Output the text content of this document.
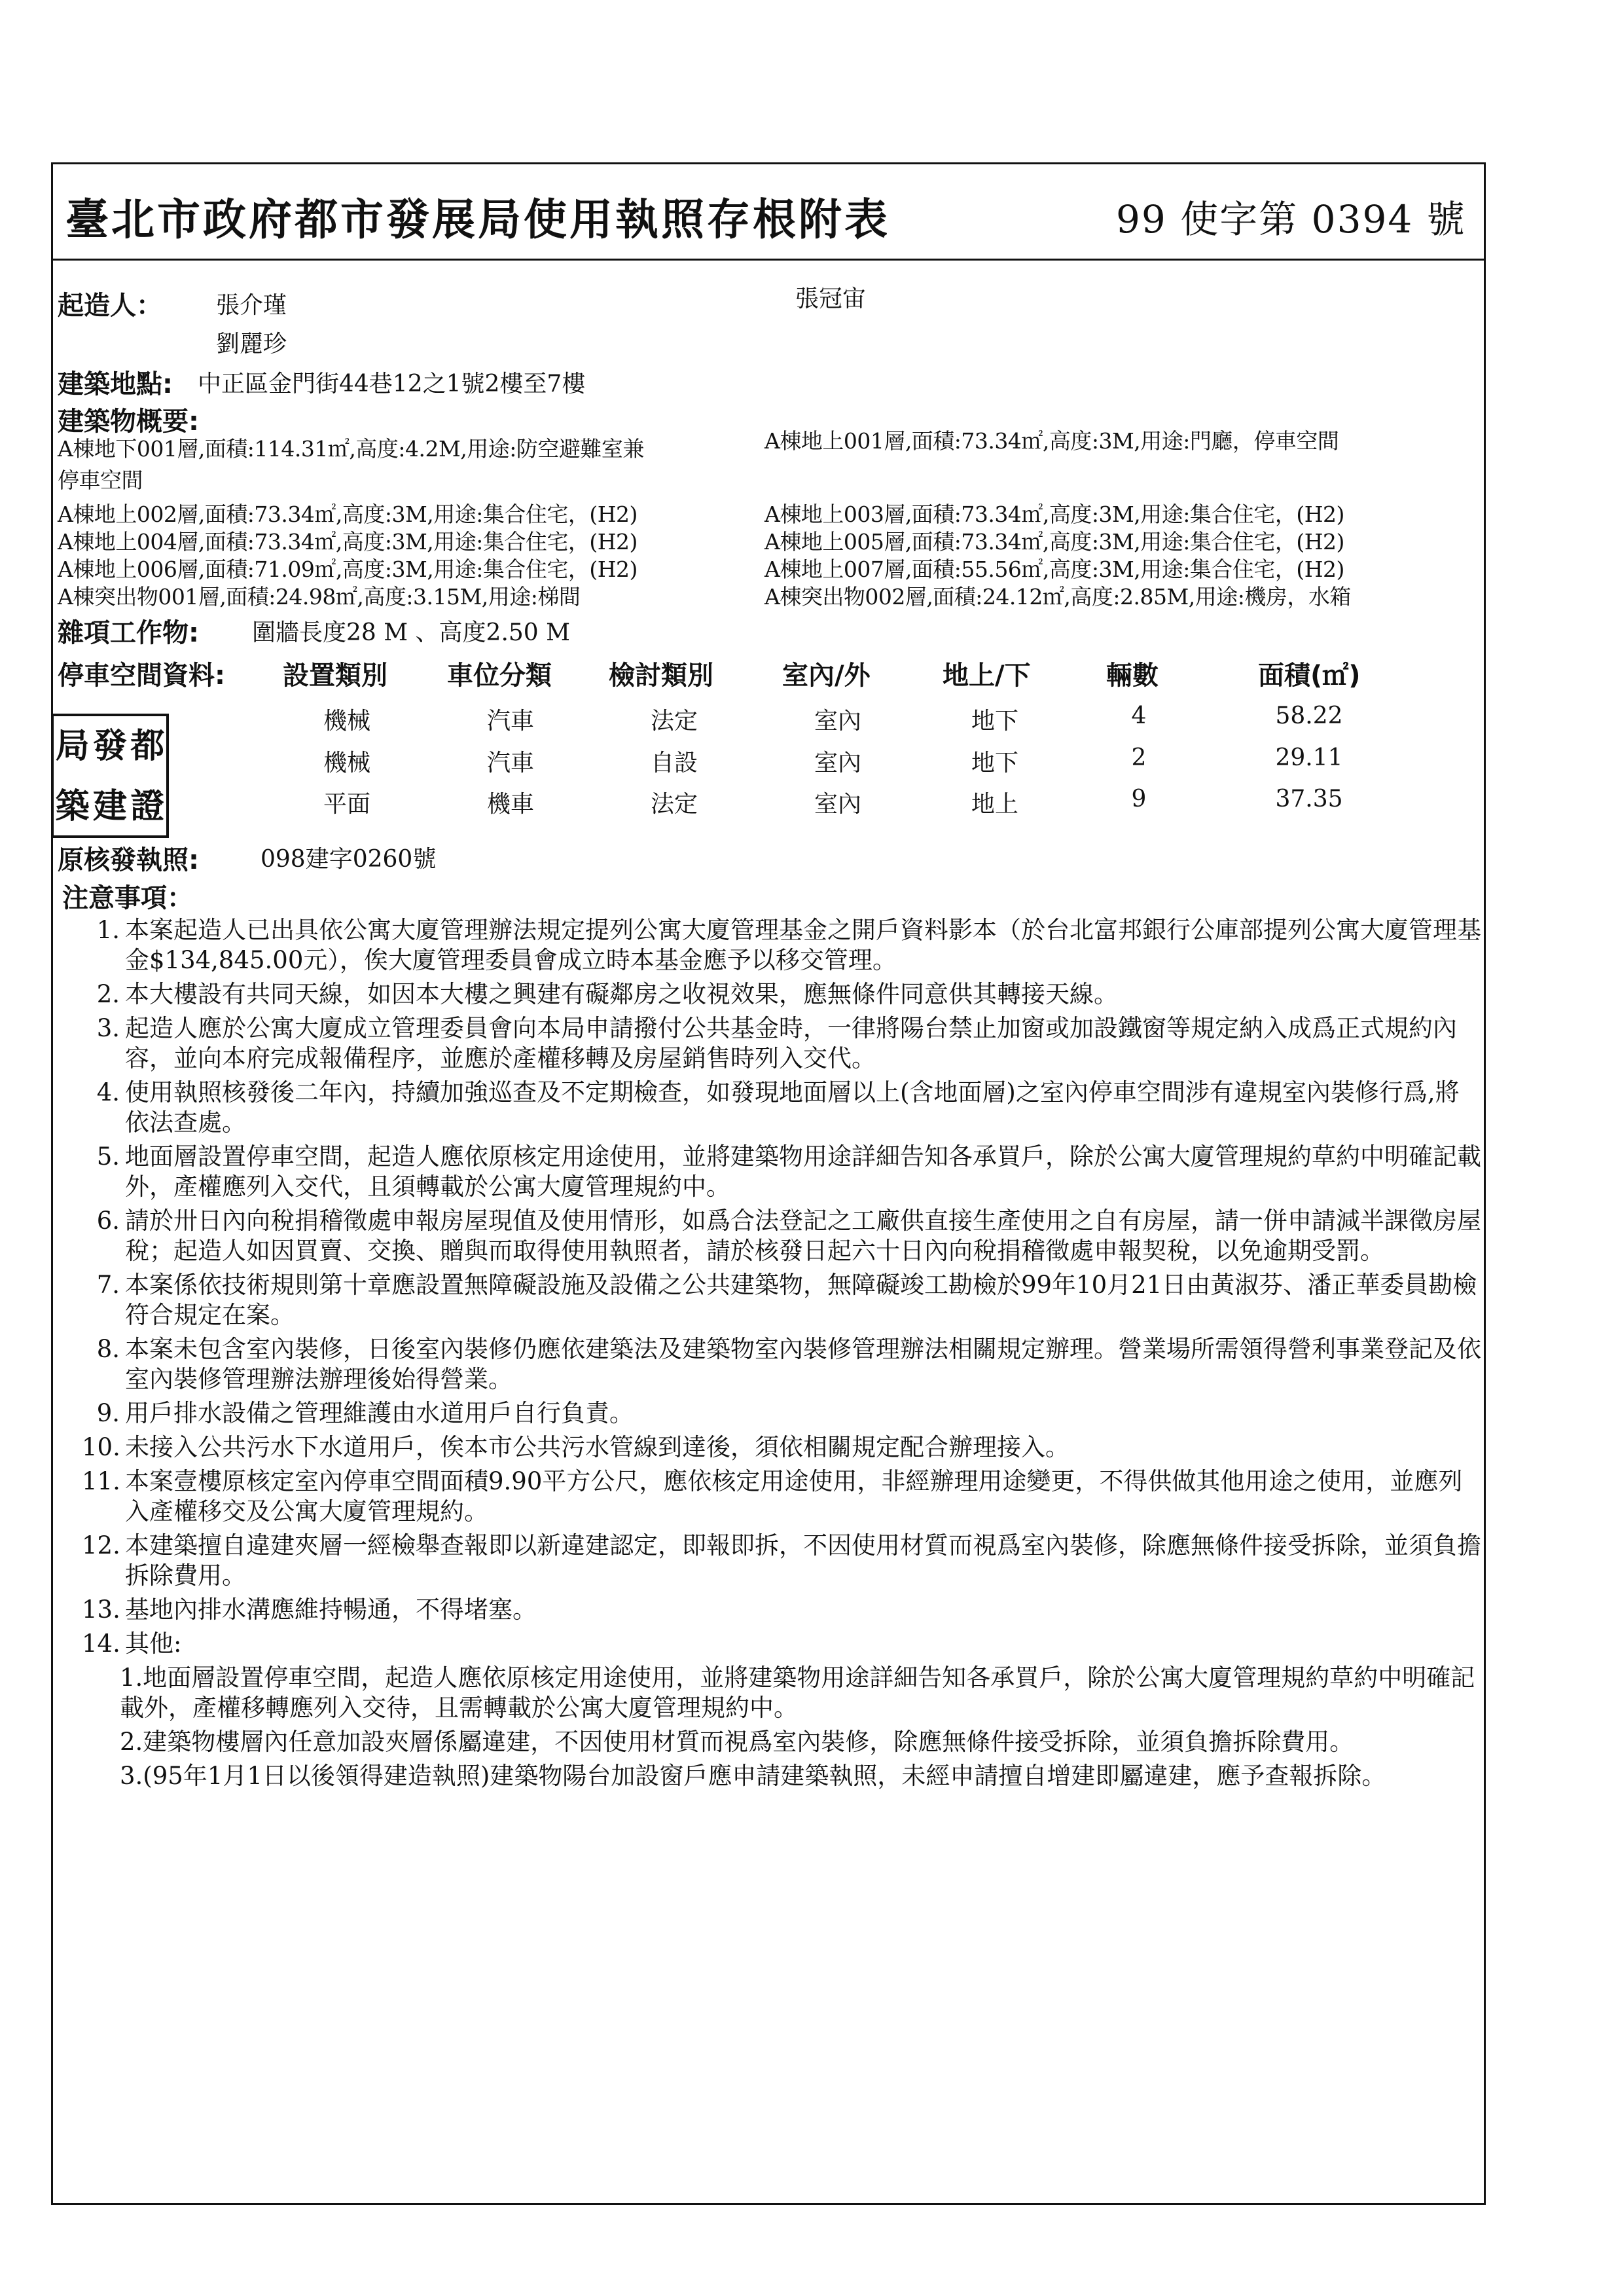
臺北市政府都市發展局使用執照存根附表	99 使字第 0394 號
起造人： 張介瑾
劉麗珍
張冠宙
建築地點: 中正區金門街44巷12之1號2樓至7樓
建築物概要:
A棟地下001層,面積:114.31㎡,高度:4.2M,用途:防空避難室兼
停車空間
A棟地上002層,面積:73.34㎡,高度:3M,用途:集合住宅，(H2)
A棟地上004層,面積:73.34㎡,高度:3M,用途:集合住宅，(H2)
A棟地上006層,面積:71.09㎡,高度:3M,用途:集合住宅，(H2)
A棟突出物001層,面積:24.98㎡,高度:3.15M,用途:梯間
A棟地上001層,面積:73.34㎡,高度:3M,用途:門廳，停車空間
A棟地上003層,面積:73.34㎡,高度:3M,用途:集合住宅，(H2)
A棟地上005層,面積:73.34㎡,高度:3M,用途:集合住宅，(H2)
A棟地上007層,面積:55.56㎡,高度:3M,用途:集合住宅，(H2)
A棟突出物002層,面積:24.12㎡,高度:2.85M,用途:機房，水箱
雜項工作物: 圍牆長度28 M 、高度2.50 M
停車空間資料: 設置類別 車位分類 檢討類別	室內/外	地上/下	輛數	面積(㎡)
機械	汽車	法定	室內	地下	4	58.22
機械	汽車	自設	室內	地下	2	29.11
平面	機車	法定	室內	地上	9	37.35
局 發 都
築 建 證
原核發執照:	098建字0260號
注意事項：
1. 本案起造人已出具依公寓大廈管理辦法規定提列公寓大廈管理基金之開戶資料影本（於台北富邦銀行公庫部提列公寓大廈管理基金$134,845.00元），俟大廈管理委員會成立時本基金應予以移交管理。
2. 本大樓設有共同天線，如因本大樓之興建有礙鄰房之收視效果，應無條件同意供其轉接天線。
3. 起造人應於公寓大廈成立管理委員會向本局申請撥付公共基金時，一律將陽台禁止加窗或加設鐵窗等規定納入成爲正式規約內容，並向本府完成報備程序，並應於產權移轉及房屋銷售時列入交代。
4. 使用執照核發後二年內，持續加強巡查及不定期檢查，如發現地面層以上(含地面層)之室內停車空間涉有違規室內裝修行爲,將依法查處。
5. 地面層設置停車空間，起造人應依原核定用途使用，並將建築物用途詳細告知各承買戶，除於公寓大廈管理規約草約中明確記載外，產權應列入交代，且須轉載於公寓大廈管理規約中。
6. 請於卅日內向稅捐稽徵處申報房屋現值及使用情形，如爲合法登記之工廠供直接生產使用之自有房屋，請一併申請減半課徵房屋稅；起造人如因買賣、交換、贈與而取得使用執照者，請於核發日起六十日內向稅捐稽徵處申報契稅，以免逾期受罰。
7. 本案係依技術規則第十章應設置無障礙設施及設備之公共建築物，無障礙竣工勘檢於99年10月21日由黃淑芬、潘正華委員勘檢符合規定在案。
8. 本案未包含室內裝修，日後室內裝修仍應依建築法及建築物室內裝修管理辦法相關規定辦理。營業場所需領得營利事業登記及依室內裝修管理辦法辦理後始得營業。
9. 用戶排水設備之管理維護由水道用戶自行負責。
10. 未接入公共污水下水道用戶，俟本市公共污水管線到達後，須依相關規定配合辦理接入。
11. 本案壹樓原核定室內停車空間面積9.90平方公尺，應依核定用途使用，非經辦理用途變更，不得供做其他用途之使用，並應列入產權移交及公寓大廈管理規約。
12. 本建築擅自違建夾層一經檢舉查報即以新違建認定，即報即拆，不因使用材質而視爲室內裝修，除應無條件接受拆除，並須負擔拆除費用。
13. 基地內排水溝應維持暢通，不得堵塞。
14. 其他:
1.地面層設置停車空間，起造人應依原核定用途使用，並將建築物用途詳細告知各承買戶，除於公寓大廈管理規約草約中明確記載外，產權移轉應列入交待，且需轉載於公寓大廈管理規約中。
2.建築物樓層內任意加設夾層係屬違建，不因使用材質而視爲室內裝修，除應無條件接受拆除，並須負擔拆除費用。
3.(95年1月1日以後領得建造執照)建築物陽台加設窗戶應申請建築執照，未經申請擅自增建即屬違建，應予查報拆除。
